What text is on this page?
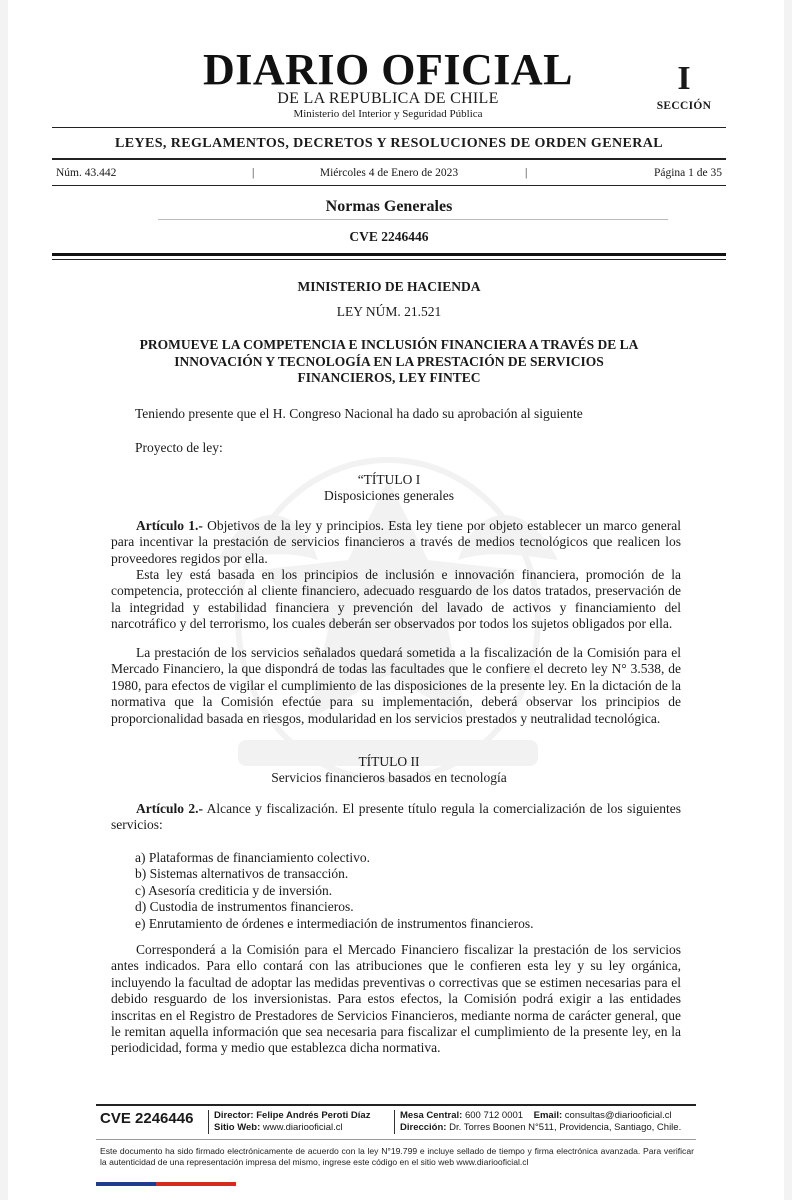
DIARIO OFICIAL
DE LA REPUBLICA DE CHILE
Ministerio del Interior y Seguridad Pública
I
SECCIÓN
LEYES, REGLAMENTOS, DECRETOS Y RESOLUCIONES DE ORDEN GENERAL
Núm. 43.442	|	Miércoles 4 de Enero de 2023	|	Página 1 de 35
Normas Generales
CVE 2246446
MINISTERIO DE HACIENDA
LEY NÚM. 21.521
PROMUEVE LA COMPETENCIA E INCLUSIÓN FINANCIERA A TRAVÉS DE LA
INNOVACIÓN Y TECNOLOGÍA EN LA PRESTACIÓN DE SERVICIOS
FINANCIEROS, LEY FINTEC
Teniendo presente que el H. Congreso Nacional ha dado su aprobación al siguiente
Proyecto de ley:
“TÍTULO I
Disposiciones generales
Artículo 1.- Objetivos de la ley y principios. Esta ley tiene por objeto establecer un marco general para incentivar la prestación de servicios financieros a través de medios tecnológicos que realicen los proveedores regidos por ella.
Esta ley está basada en los principios de inclusión e innovación financiera, promoción de la competencia, protección al cliente financiero, adecuado resguardo de los datos tratados, preservación de la integridad y estabilidad financiera y prevención del lavado de activos y financiamiento del narcotráfico y del terrorismo, los cuales deberán ser observados por todos los sujetos obligados por ella.
La prestación de los servicios señalados quedará sometida a la fiscalización de la Comisión para el Mercado Financiero, la que dispondrá de todas las facultades que le confiere el decreto ley N° 3.538, de 1980, para efectos de vigilar el cumplimiento de las disposiciones de la presente ley. En la dictación de la normativa que la Comisión efectúe para su implementación, deberá observar los principios de proporcionalidad basada en riesgos, modularidad en los servicios prestados y neutralidad tecnológica.
TÍTULO II
Servicios financieros basados en tecnología
Artículo 2.- Alcance y fiscalización. El presente título regula la comercialización de los siguientes servicios:
a) Plataformas de financiamiento colectivo.
b) Sistemas alternativos de transacción.
c) Asesoría crediticia y de inversión.
d) Custodia de instrumentos financieros.
e) Enrutamiento de órdenes e intermediación de instrumentos financieros.
Corresponderá a la Comisión para el Mercado Financiero fiscalizar la prestación de los servicios antes indicados. Para ello contará con las atribuciones que le confieren esta ley y su ley orgánica, incluyendo la facultad de adoptar las medidas preventivas o correctivas que se estimen necesarias para el debido resguardo de los inversionistas. Para estos efectos, la Comisión podrá exigir a las entidades inscritas en el Registro de Prestadores de Servicios Financieros, mediante norma de carácter general, que le remitan aquella información que sea necesaria para fiscalizar el cumplimiento de la presente ley, en la periodicidad, forma y medio que establezca dicha normativa.
CVE 2246446 Director: Felipe Andrés Peroti Díaz
Sitio Web: www.diariooficial.cl
Mesa Central: 600 712 0001 Email: consultas@diariooficial.cl
Dirección: Dr. Torres Boonen N°511, Providencia, Santiago, Chile.
Este documento ha sido firmado electrónicamente de acuerdo con la ley N°19.799 e incluye sellado de tiempo y firma electrónica avanzada. Para verificar la autenticidad de una representación impresa del mismo, ingrese este código en el sitio web www.diariooficial.cl
